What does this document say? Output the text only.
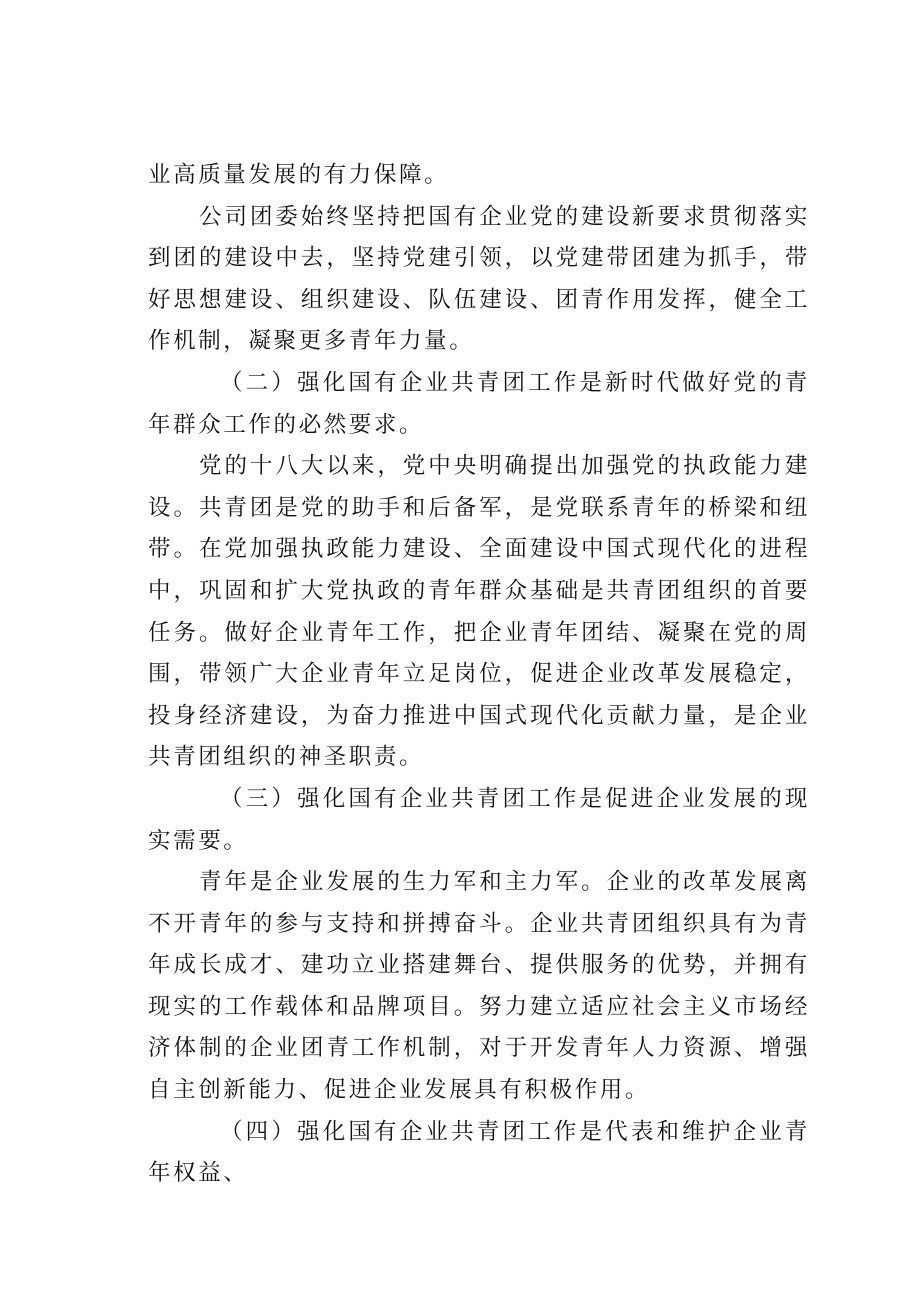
业高质量发展的有力保障。

公司团委始终坚持把国有企业党的建设新要求贯彻落实到团的建设中去，坚持党建引领，以党建带团建为抓手，带好思想建设、组织建设、队伍建设、团青作用发挥，健全工作机制，凝聚更多青年力量。

（二）强化国有企业共青团工作是新时代做好党的青年群众工作的必然要求。

党的十八大以来，党中央明确提出加强党的执政能力建设。共青团是党的助手和后备军，是党联系青年的桥梁和纽带。在党加强执政能力建设、全面建设中国式现代化的进程中，巩固和扩大党执政的青年群众基础是共青团组织的首要任务。做好企业青年工作，把企业青年团结、凝聚在党的周围，带领广大企业青年立足岗位，促进企业改革发展稳定，投身经济建设，为奋力推进中国式现代化贡献力量，是企业共青团组织的神圣职责。

（三）强化国有企业共青团工作是促进企业发展的现实需要。

青年是企业发展的生力军和主力军。企业的改革发展离不开青年的参与支持和拼搏奋斗。企业共青团组织具有为青年成长成才、建功立业搭建舞台、提供服务的优势，并拥有现实的工作载体和品牌项目。努力建立适应社会主义市场经济体制的企业团青工作机制，对于开发青年人力资源、增强自主创新能力、促进企业发展具有积极作用。

（四）强化国有企业共青团工作是代表和维护企业青年权益、
